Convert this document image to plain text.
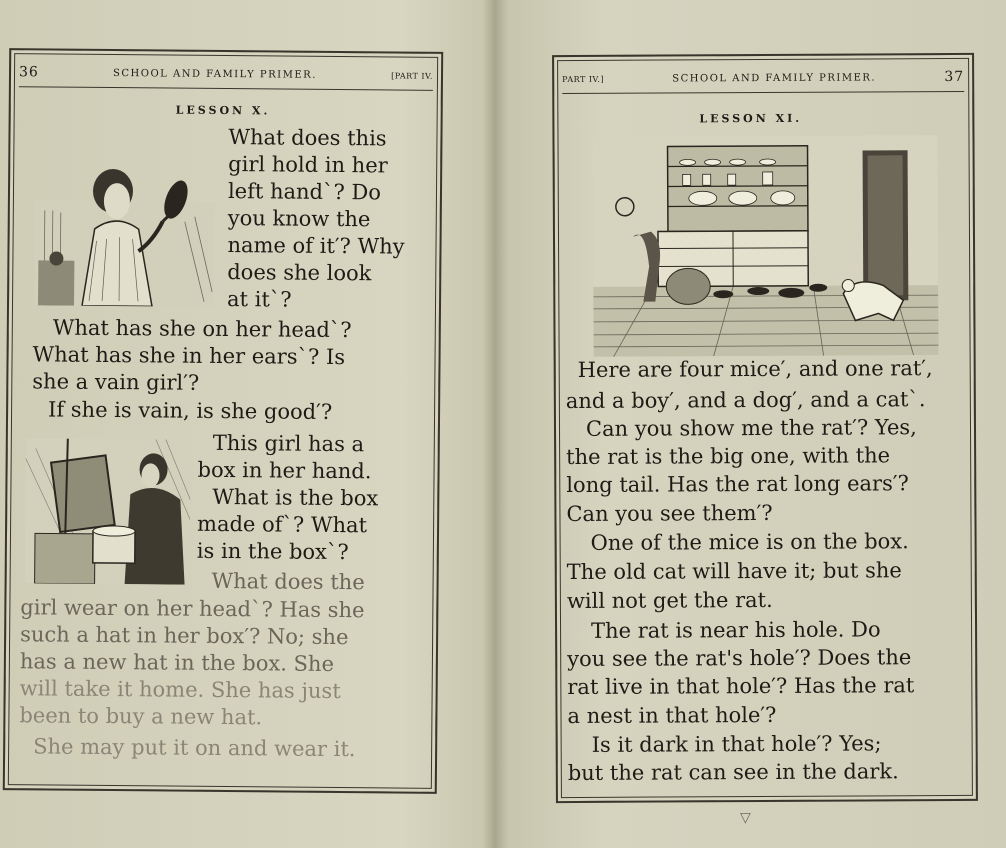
36	SCHOOL AND FAMILY PRIMER.	[PART IV.
LESSON X.
What does this
girl hold in her
left hand`? Do
you know the
name of it′? Why
does she look
at it`?
What has she on her head`?
What has she in her ears`? Is
she a vain girl′?
If she is vain, is she good′?
This girl has a
box in her hand.
What is the box
made of`? What
is in the box`?
What does the
girl wear on her head`? Has she
such a hat in her box′? No; she
has a new hat in the box. She
will take it home. She has just
been to buy a new hat.
She may put it on and wear it.
PART IV.]	SCHOOL AND FAMILY PRIMER.	37
LESSON XI.
Here are four mice′, and one rat′,
and a boy′, and a dog′, and a cat`.
Can you show me the rat′? Yes,
the rat is the big one, with the
long tail. Has the rat long ears′?
Can you see them′?
One of the mice is on the box.
The old cat will have it; but she
will not get the rat.
The rat is near his hole. Do
you see the rat's hole′? Does the
rat live in that hole′? Has the rat
a nest in that hole′?
Is it dark in that hole′? Yes;
but the rat can see in the dark.
▽
